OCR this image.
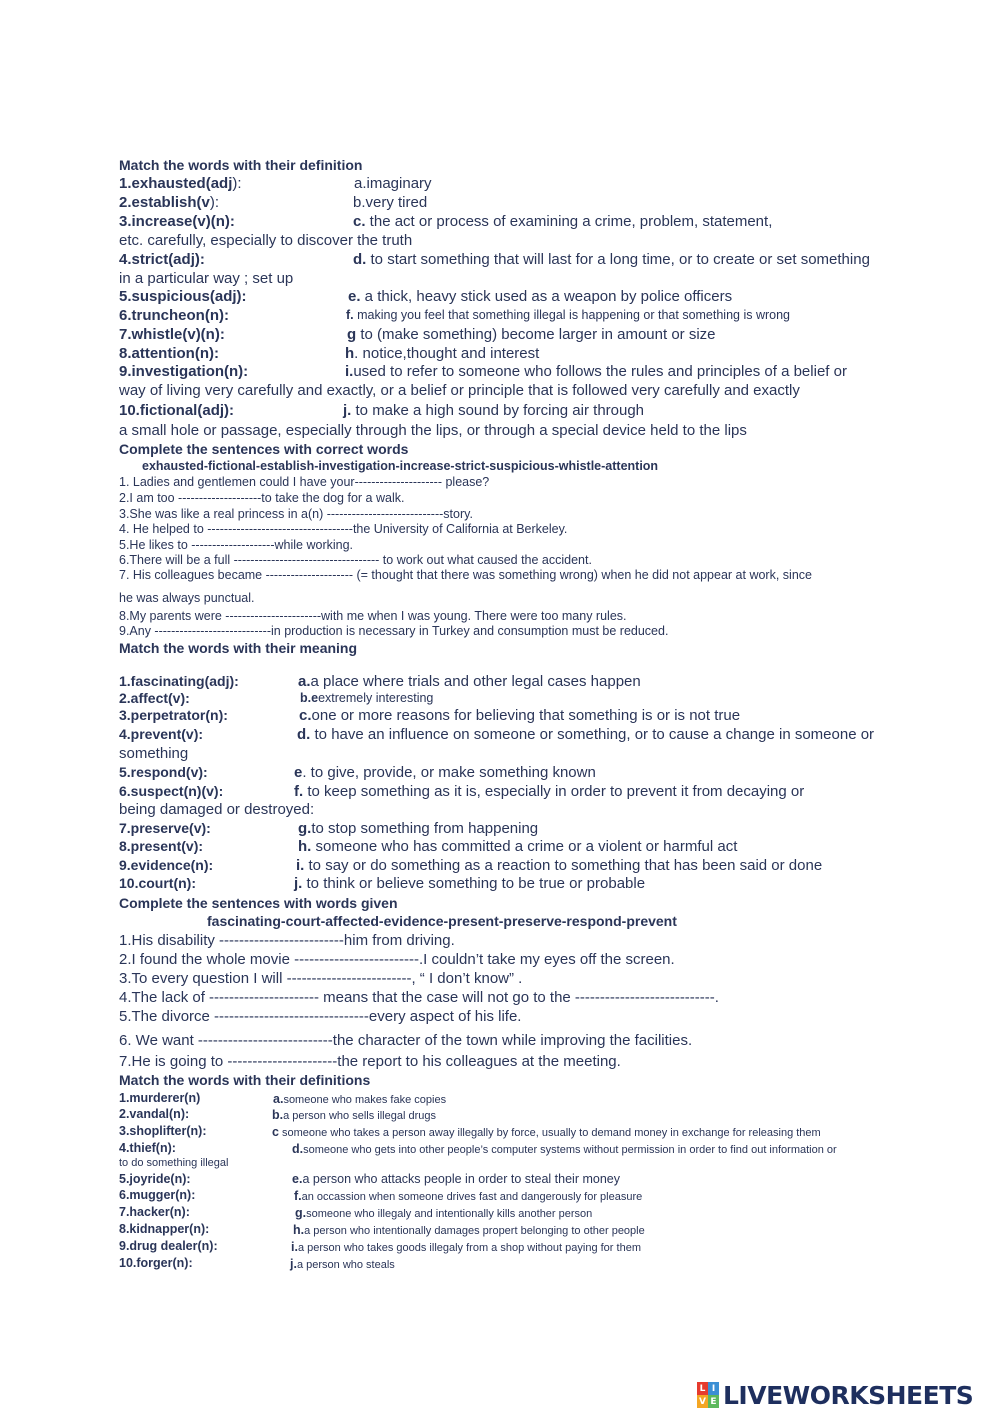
Match the words with their definition
1.exhausted(adj):	a.imaginary
2.establish(v):	b.very tired
3.increase(v)(n):	c. the act or process of examining a crime, problem, statement,
etc. carefully, especially to discover the truth
4.strict(adj):	d. to start something that will last for a long time, or to create or set something
in a particular way ; set up
5.suspicious(adj):	e. a thick, heavy stick used as a weapon by police officers
6.truncheon(n):	f. making you feel that something illegal is happening or that something is wrong
7.whistle(v)(n):	g to (make something) become larger in amount or size
8.attention(n):	h. notice,thought and interest
9.investigation(n):	i.used to refer to someone who follows the rules and principles of a belief or
way of living very carefully and exactly, or a belief or principle that is followed very carefully and exactly
10.fictional(adj):	j. to make a high sound by forcing air through
a small hole or passage, especially through the lips, or through a special device held to the lips
Complete the sentences with correct words
exhausted-fictional-establish-investigation-increase-strict-suspicious-whistle-attention
1. Ladies and gentlemen could I have your--------------------- please?
2.I am too --------------------to take the dog for a walk.
3.She was like a real princess in a(n) ----------------------------story.
4. He helped to -----------------------------------the University of California at Berkeley.
5.He likes to --------------------while working.
6.There will be a full ----------------------------------- to work out what caused the accident.
7. His colleagues became --------------------- (= thought that there was something wrong) when he did not appear at work, since
he was always punctual.
8.My parents were -----------------------with me when I was young. There were too many rules.
9.Any ----------------------------in production is necessary in Turkey and consumption must be reduced.
Match the words with their meaning
1.fascinating(adj):	a.a place where trials and other legal cases happen
2.affect(v):	b.eextremely interesting
3.perpetrator(n):	c.one or more reasons for believing that something is or is not true
4.prevent(v):	d. to have an influence on someone or something, or to cause a change in someone or
something
5.respond(v):	e. to give, provide, or make something known
6.suspect(n)(v):	f. to keep something as it is, especially in order to prevent it from decaying or
being damaged or destroyed:
7.preserve(v):	g.to stop something from happening
8.present(v):	h. someone who has committed a crime or a violent or harmful act
9.evidence(n):	i. to say or do something as a reaction to something that has been said or done
10.court(n):	j. to think or believe something to be true or probable
Complete the sentences with words given
fascinating-court-affected-evidence-present-preserve-respond-prevent
1.His disability -------------------------him from driving.
2.I found the whole movie -------------------------.I couldn’t take my eyes off the screen.
3.To every question I will -------------------------, “ I don’t know” .
4.The lack of ---------------------- means that the case will not go to the ----------------------------.
5.The divorce -------------------------------every aspect of his life.
6. We want ---------------------------the character of the town while improving the facilities.
7.He is going to ----------------------the report to his colleagues at the meeting.
Match the words with their definitions
1.murderer(n)	a.someone who makes fake copies
2.vandal(n):	b.a person who sells illegal drugs
3.shoplifter(n):	c someone who takes a person away illegally by force, usually to demand money in exchange for releasing them
4.thief(n):	d.someone who gets into other people’s computer systems without permission in order to find out information or
to do something illegal
5.joyride(n):	e.a person who attacks people in order to steal their money
6.mugger(n):	f.an occassion when someone drives fast and dangerously for pleasure
7.hacker(n):	g.someone who illegaly and intentionally kills another person
8.kidnapper(n):	h.a person who intentionally damages propert belonging to other people
9.drug dealer(n):	i.a person who takes goods illegaly from a shop without paying for them
10.forger(n):	j.a person who steals
L I
V E LIVEWORKSHEETS
